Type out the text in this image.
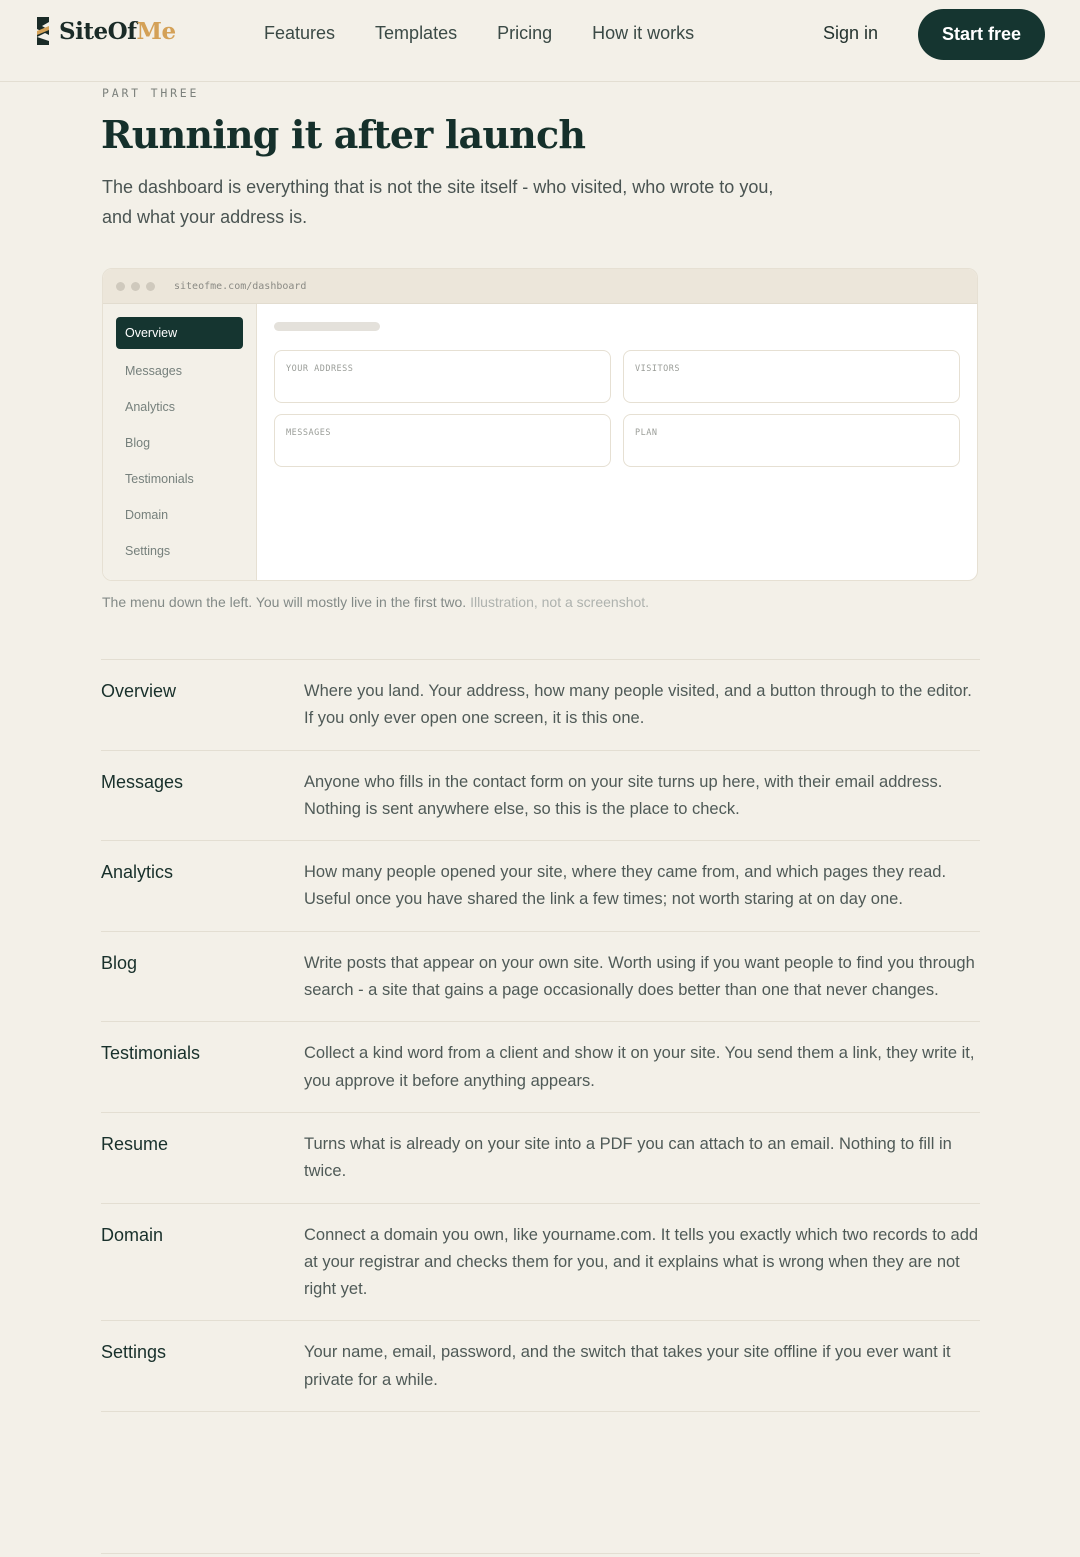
SiteOfMe	Features Templates Pricing How it works	Sign in	Start free
PART THREE
Running it after launch

The dashboard is everything that is not the site itself - who visited, who wrote to you, and what your address is.

siteofme.com/dashboard
Overview
Messages
Analytics
Blog
Testimonials
Domain
Settings
YOUR ADDRESS	VISITORS
MESSAGES	PLAN

The menu down the left. You will mostly live in the first two. Illustration, not a screenshot.

Overview	Where you land. Your address, how many people visited, and a button through to the editor. If you only ever open one screen, it is this one.
Messages	Anyone who fills in the contact form on your site turns up here, with their email address. Nothing is sent anywhere else, so this is the place to check.
Analytics	How many people opened your site, where they came from, and which pages they read. Useful once you have shared the link a few times; not worth staring at on day one.
Blog	Write posts that appear on your own site. Worth using if you want people to find you through search - a site that gains a page occasionally does better than one that never changes.
Testimonials	Collect a kind word from a client and show it on your site. You send them a link, they write it, you approve it before anything appears.
Resume	Turns what is already on your site into a PDF you can attach to an email. Nothing to fill in twice.
Domain	Connect a domain you own, like yourname.com. It tells you exactly which two records to add at your registrar and checks them for you, and it explains what is wrong when they are not right yet.
Settings	Your name, email, password, and the switch that takes your site offline if you ever want it private for a while.
